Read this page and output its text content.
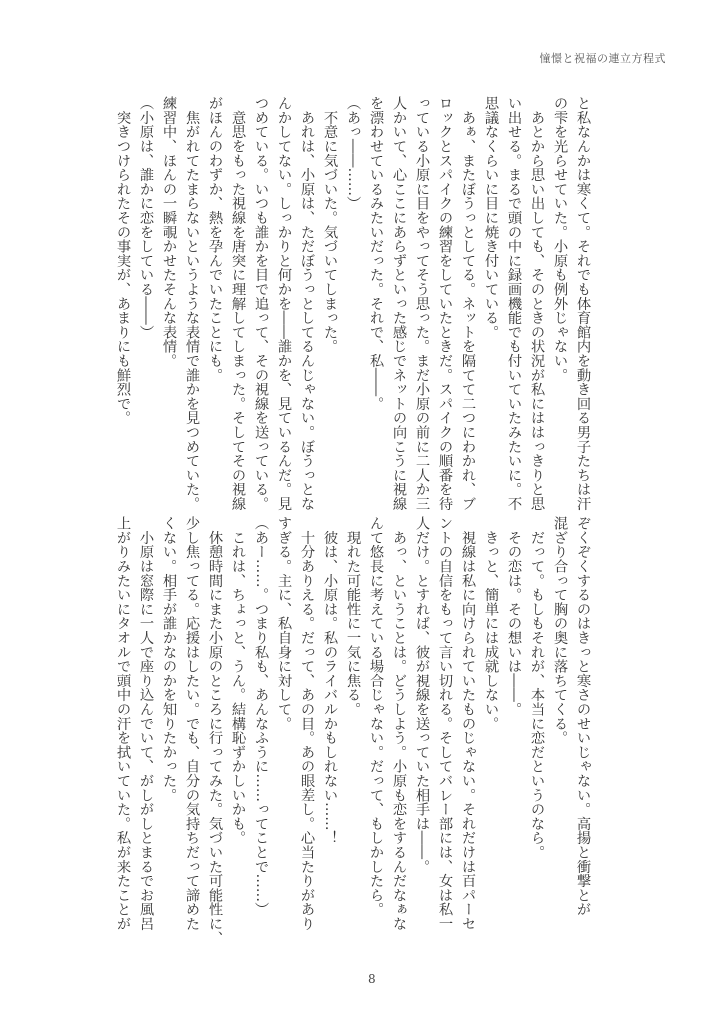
憧憬と祝福の連立方程式
と私なんかは寒くて。それでも体育館内を動き回る男子たちは汗
の雫を光らせていた。小原も例外じゃない。
　あとから思い出しても、そのときの状況が私にははっきりと思
い出せる。まるで頭の中に録画機能でも付いていたみたいに。不
思議なくらいに目に焼き付いている。
　あぁ、またぼうっとしてる。ネットを隔てて二つにわかれ、ブ
ロックとスパイクの練習をしていたときだ。スパイクの順番を待
っている小原に目をやってそう思った。まだ小原の前に二人か三
人かいて、心ここにあらずといった感じでネットの向こうに視線
を漂わせているみたいだった。それで、私――。
（あっ――……）
　不意に気づいた。気づいてしまった。
　あれは、小原は、ただぼうっとしてるんじゃない。ぼうっとな
んかしてない。しっかりと何かを――誰かを、見ているんだ。見
つめている。いつも誰かを目で追って、その視線を送っている。
　意思をもった視線を唐突に理解してしまった。そしてその視線
がほんのわずか、熱を孕んでいたことにも。
　焦がれてたまらないというような表情で誰かを見つめていた。
練習中、ほんの一瞬覗かせたそんな表情。
（小原は、誰かに恋をしている――）
　突きつけられたその事実が、あまりにも鮮烈で。
ぞくぞくするのはきっと寒さのせいじゃない。高揚と衝撃とが
混ざり合って胸の奥に落ちてくる。
　だって。もしもそれが、本当に恋だというのなら。
　その恋は。その想いは――。
　きっと、簡単には成就しない。
　視線は私に向けられていたものじゃない。それだけは百パーセ
ントの自信をもって言い切れる。そしてバレー部には、女は私一
人だけ。とすれば、彼が視線を送っていた相手は――。
　あっ、ということは。どうしよう。小原も恋をするんだなぁな
んて悠長に考えている場合じゃない。だって、もしかしたら。
　現れた可能性に一気に焦る。
　彼は、小原は。私のライバルかもしれない……！
　十分ありえる。だって、あの目。あの眼差し。心当たりがあり
すぎる。主に、私自身に対して。
（あー……。つまり私も、あんなふうに……ってことで……）
　これは、ちょっと、うん。結構恥ずかしいかも。
　休憩時間にまた小原のところに行ってみた。気づいた可能性に、
少し焦ってる。応援はしたい。でも、自分の気持ちだって諦めた
くない。相手が誰かなのかを知りたかった。
　小原は窓際に一人で座り込んでいて、がしがしとまるでお風呂
上がりみたいにタオルで頭中の汗を拭いていた。私が来たことが
8
